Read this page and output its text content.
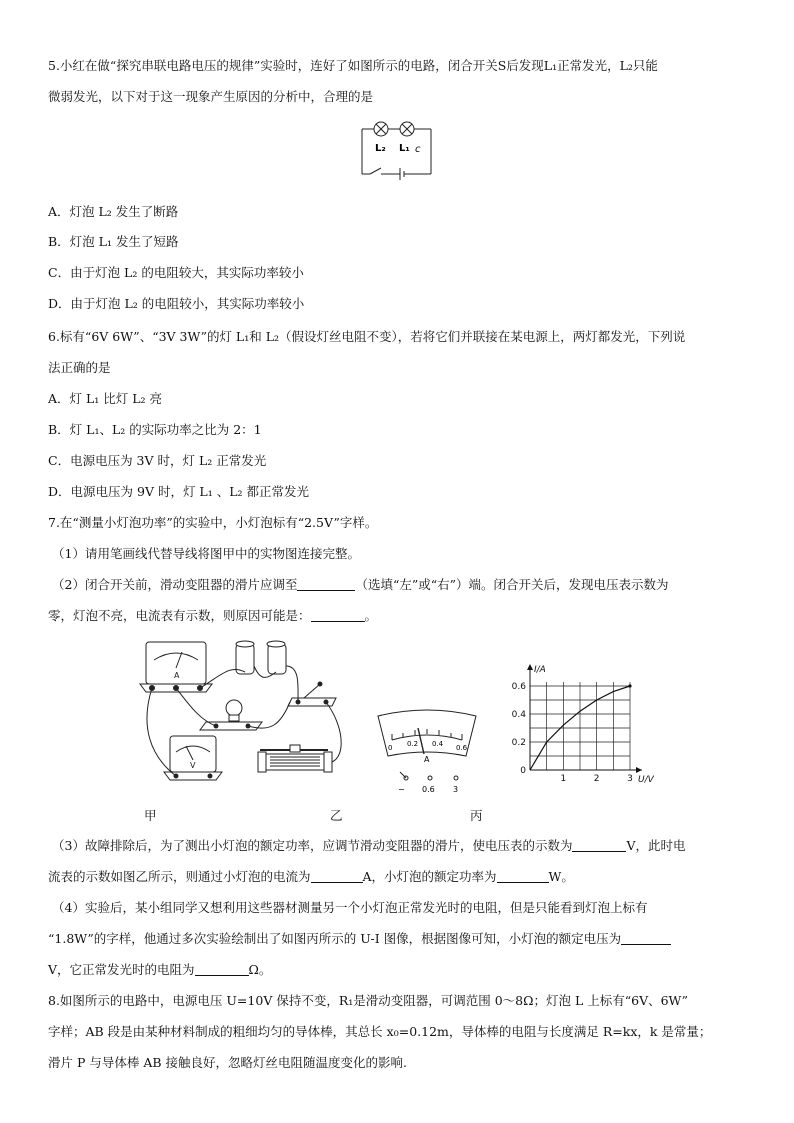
5.小红在做“探究串联电路电压的规律”实验时，连好了如图所示的电路，闭合开关S后发现L₁正常发光，L₂只能
微弱发光，以下对于这一现象产生原因的分析中，合理的是
L₂ L₁ c
A．灯泡 L₂ 发生了断路
B．灯泡 L₁ 发生了短路
C．由于灯泡 L₂ 的电阻较大，其实际功率较小
D．由于灯泡 L₂ 的电阻较小，其实际功率较小
6.标有“6V 6W”、“3V 3W”的灯 L₁和 L₂（假设灯丝电阻不变），若将它们并联接在某电源上，两灯都发光，下列说
法正确的是
A．灯 L₁ 比灯 L₂ 亮
B．灯 L₁、L₂ 的实际功率之比为 2：1
C．电源电压为 3V 时，灯 L₂ 正常发光
D．电源电压为 9V 时，灯 L₁ 、L₂ 都正常发光
7.在“测量小灯泡功率”的实验中，小灯泡标有“2.5V”字样。
（1）请用笔画线代替导线将图甲中的实物图连接完整。
（2）闭合开关前，滑动变阻器的滑片应调至	（选填“左”或“右”）端。闭合开关后，发现电压表示数为
零，灯泡不亮，电流表有示数，则原因可能是：	。
A
V
0 0.2 0.4 0.6
A
− 0.6 3
0
0.2
0.4
0.6
1	2	3
I/A
U/V
甲	乙	丙
（3）故障排除后，为了测出小灯泡的额定功率，应调节滑动变阻器的滑片，使电压表的示数为	V，此时电
流表的示数如图乙所示，则通过小灯泡的电流为	A，小灯泡的额定功率为	W。
（4）实验后，某小组同学又想利用这些器材测量另一个小灯泡正常发光时的电阻，但是只能看到灯泡上标有
“1.8W”的字样，他通过多次实验绘制出了如图丙所示的 U-I 图像，根据图像可知，小灯泡的额定电压为
V，它正常发光时的电阻为	Ω。
8.如图所示的电路中，电源电压 U=10V 保持不变，R₁是滑动变阻器，可调范围 0～8Ω；灯泡 L 上标有“6V、6W”
字样；AB 段是由某种材料制成的粗细均匀的导体棒，其总长 x₀=0.12m，导体棒的电阻与长度满足 R=kx，k 是常量；
滑片 P 与导体棒 AB 接触良好，忽略灯丝电阻随温度变化的影响.
